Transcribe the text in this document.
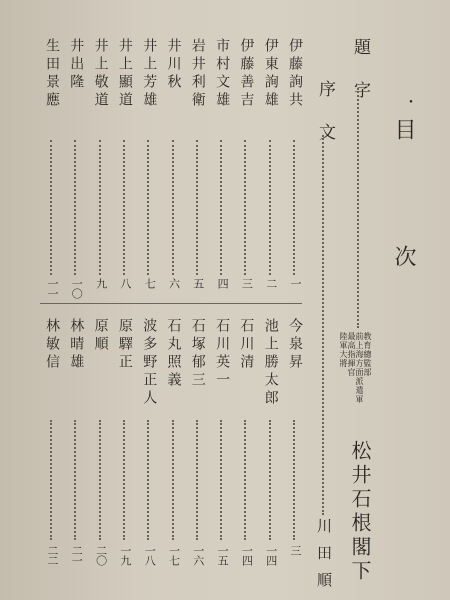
・
目 次
題字
教育總監部
前上海方面派遣軍
最高指揮官
陸軍大將
松井石根閣下
序文
川田順
伊藤詢共
一
伊東詢雄
二
伊藤善吉
三
市村文雄
四
岩井利衛
五
井川秋
六
井上芳雄
七
井上顯道
八
井上敬道
九
井出隆
一〇
生田景應
一一
今泉昇
三
池上勝太郎
一四
石川清
一四
石川英一
一五
石塚郁三
一六
石丸照義
一七
波多野正人
一八
原驛正
一九
原順
二〇
林晴雄
二一
林敏信
二二
